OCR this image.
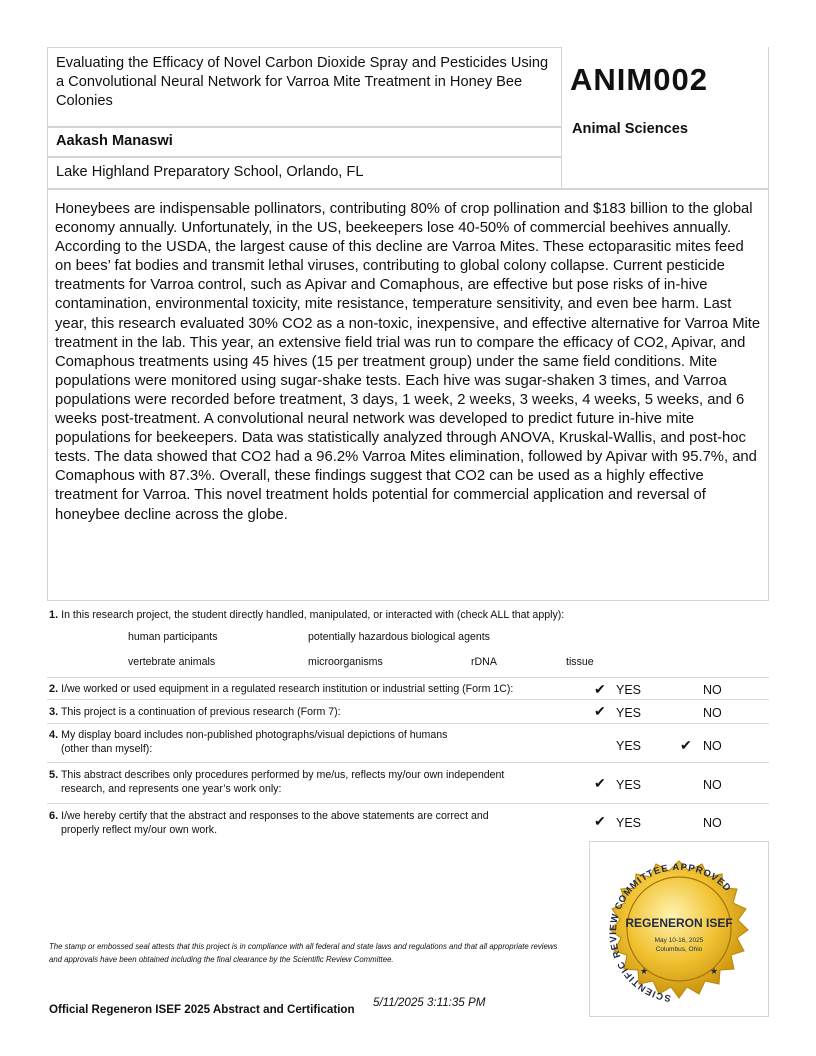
Evaluating the Efficacy of Novel Carbon Dioxide Spray and Pesticides Using a Convolutional Neural Network for Varroa Mite Treatment in Honey Bee Colonies
Aakash Manaswi
Lake Highland Preparatory School, Orlando, FL
ANIM002
Animal Sciences
Honeybees are indispensable pollinators, contributing 80% of crop pollination and $183 billion to the global economy annually. Unfortunately, in the US, beekeepers lose 40-50% of commercial beehives annually. According to the USDA, the largest cause of this decline are Varroa Mites. These ectoparasitic mites feed on bees’ fat bodies and transmit lethal viruses, contributing to global colony collapse. Current pesticide treatments for Varroa control, such as Apivar and Comaphous, are effective but pose risks of in-hive contamination, environmental toxicity, mite resistance, temperature sensitivity, and even bee harm. Last year, this research evaluated 30% CO2 as a non-toxic, inexpensive, and effective alternative for Varroa Mite treatment in the lab. This year, an extensive field trial was run to compare the efficacy of CO2, Apivar, and Comaphous treatments using 45 hives (15 per treatment group) under the same field conditions. Mite populations were monitored using sugar-shake tests. Each hive was sugar-shaken 3 times, and Varroa populations were recorded before treatment, 3 days, 1 week, 2 weeks, 3 weeks, 4 weeks, 5 weeks, and 6 weeks post-treatment. A convolutional neural network was developed to predict future in-hive mite populations for beekeepers. Data was statistically analyzed through ANOVA, Kruskal-Wallis, and post-hoc tests. The data showed that CO2 had a 96.2% Varroa Mites elimination, followed by Apivar with 95.7%, and Comaphous with 87.3%. Overall, these findings suggest that CO2 can be used as a highly effective treatment for Varroa. This novel treatment holds potential for commercial application and reversal of honeybee decline across the globe.
1. In this research project, the student directly handled, manipulated, or interacted with (check ALL that apply):
human participants	potentially hazardous biological agents
vertebrate animals	microorganisms	rDNA	tissue
2. I/we worked or used equipment in a regulated research institution or industrial setting (Form 1C):	✔ YES	NO
3. This project is a continuation of previous research (Form 7):	✔ YES	NO
4. My display board includes non-published photographs/visual depictions of humans
(other than myself):	YES	✔ NO
5. This abstract describes only procedures performed by me/us, reflects my/our own independent
research, and represents one year’s work only:	✔ YES	NO
6. I/we hereby certify that the abstract and responses to the above statements are correct and
properly reflect my/our own work.
✔ YES	NO
The stamp or embossed seal attests that this project is in compliance with all federal and state laws and regulations and that all appropriate reviews and approvals have been obtained including the final clearance by the Scientific Review Committee.
Official Regeneron ISEF 2025 Abstract and Certification
5/11/2025 3:11:35 PM	SCIENTIFIC REVIEW COMMITTEE APPROVED
REGENERON ISEF
May 10-16, 2025
Columbus, Ohio
★	★
